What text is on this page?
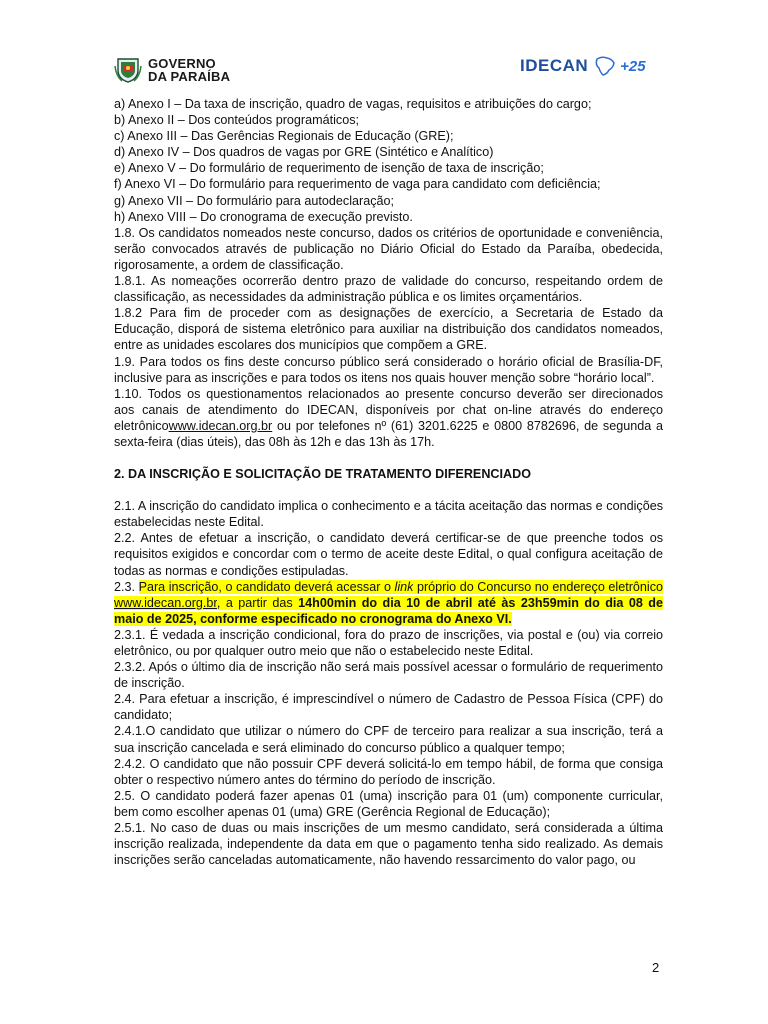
GOVERNO
DA PARAÍBA
IDECAN +25

a) Anexo I – Da taxa de inscrição, quadro de vagas, requisitos e atribuições do cargo;

b) Anexo II – Dos conteúdos programáticos;

c) Anexo III – Das Gerências Regionais de Educação (GRE);

d) Anexo IV – Dos quadros de vagas por GRE (Sintético e Analítico)

e) Anexo V – Do formulário de requerimento de isenção de taxa de inscrição;

f) Anexo VI – Do formulário para requerimento de vaga para candidato com deficiência;

g) Anexo VII – Do formulário para autodeclaração;

h) Anexo VIII – Do cronograma de execução previsto.

1.8. Os candidatos nomeados neste concurso, dados os critérios de oportunidade e conveniência, serão convocados através de publicação no Diário Oficial do Estado da Paraíba, obedecida, rigorosamente, a ordem de classificação.

1.8.1. As nomeações ocorrerão dentro prazo de validade do concurso, respeitando ordem de classificação, as necessidades da administração pública e os limites orçamentários.

1.8.2 Para fim de proceder com as designações de exercício, a Secretaria de Estado da Educação, disporá de sistema eletrônico para auxiliar na distribuição dos candidatos nomeados, entre as unidades escolares dos municípios que compõem a GRE.

1.9. Para todos os fins deste concurso público será considerado o horário oficial de Brasília-DF, inclusive para as inscrições e para todos os itens nos quais houver menção sobre “horário local”.

1.10. Todos os questionamentos relacionados ao presente concurso deverão ser direcionados aos canais de atendimento do IDECAN, disponíveis por chat on-line através do endereço eletrônicowww.idecan.org.br ou por telefones nº (61) 3201.6225 e 0800 8782696, de segunda a sexta-feira (dias úteis), das 08h às 12h e das 13h às 17h.

2. DA INSCRIÇÃO E SOLICITAÇÃO DE TRATAMENTO DIFERENCIADO

2.1. A inscrição do candidato implica o conhecimento e a tácita aceitação das normas e condições estabelecidas neste Edital.

2.2. Antes de efetuar a inscrição, o candidato deverá certificar-se de que preenche todos os requisitos exigidos e concordar com o termo de aceite deste Edital, o qual configura aceitação de todas as normas e condições estipuladas.

2.3. Para inscrição, o candidato deverá acessar o link próprio do Concurso no endereço eletrônico www.idecan.org.br, a partir das 14h00min do dia 10 de abril até às 23h59min do dia 08 de maio de 2025, conforme especificado no cronograma do Anexo VI.

2.3.1. É vedada a inscrição condicional, fora do prazo de inscrições, via postal e (ou) via correio eletrônico, ou por qualquer outro meio que não o estabelecido neste Edital.

2.3.2. Após o último dia de inscrição não será mais possível acessar o formulário de requerimento de inscrição.

2.4. Para efetuar a inscrição, é imprescindível o número de Cadastro de Pessoa Física (CPF) do candidato;

2.4.1.O candidato que utilizar o número do CPF de terceiro para realizar a sua inscrição, terá a sua inscrição cancelada e será eliminado do concurso público a qualquer tempo;

2.4.2. O candidato que não possuir CPF deverá solicitá-lo em tempo hábil, de forma que consiga obter o respectivo número antes do término do período de inscrição.

2.5. O candidato poderá fazer apenas 01 (uma) inscrição para 01 (um) componente curricular, bem como escolher apenas 01 (uma) GRE (Gerência Regional de Educação);

2.5.1. No caso de duas ou mais inscrições de um mesmo candidato, será considerada a última inscrição realizada, independente da data em que o pagamento tenha sido realizado. As demais inscrições serão canceladas automaticamente, não havendo ressarcimento do valor pago, ou

2
